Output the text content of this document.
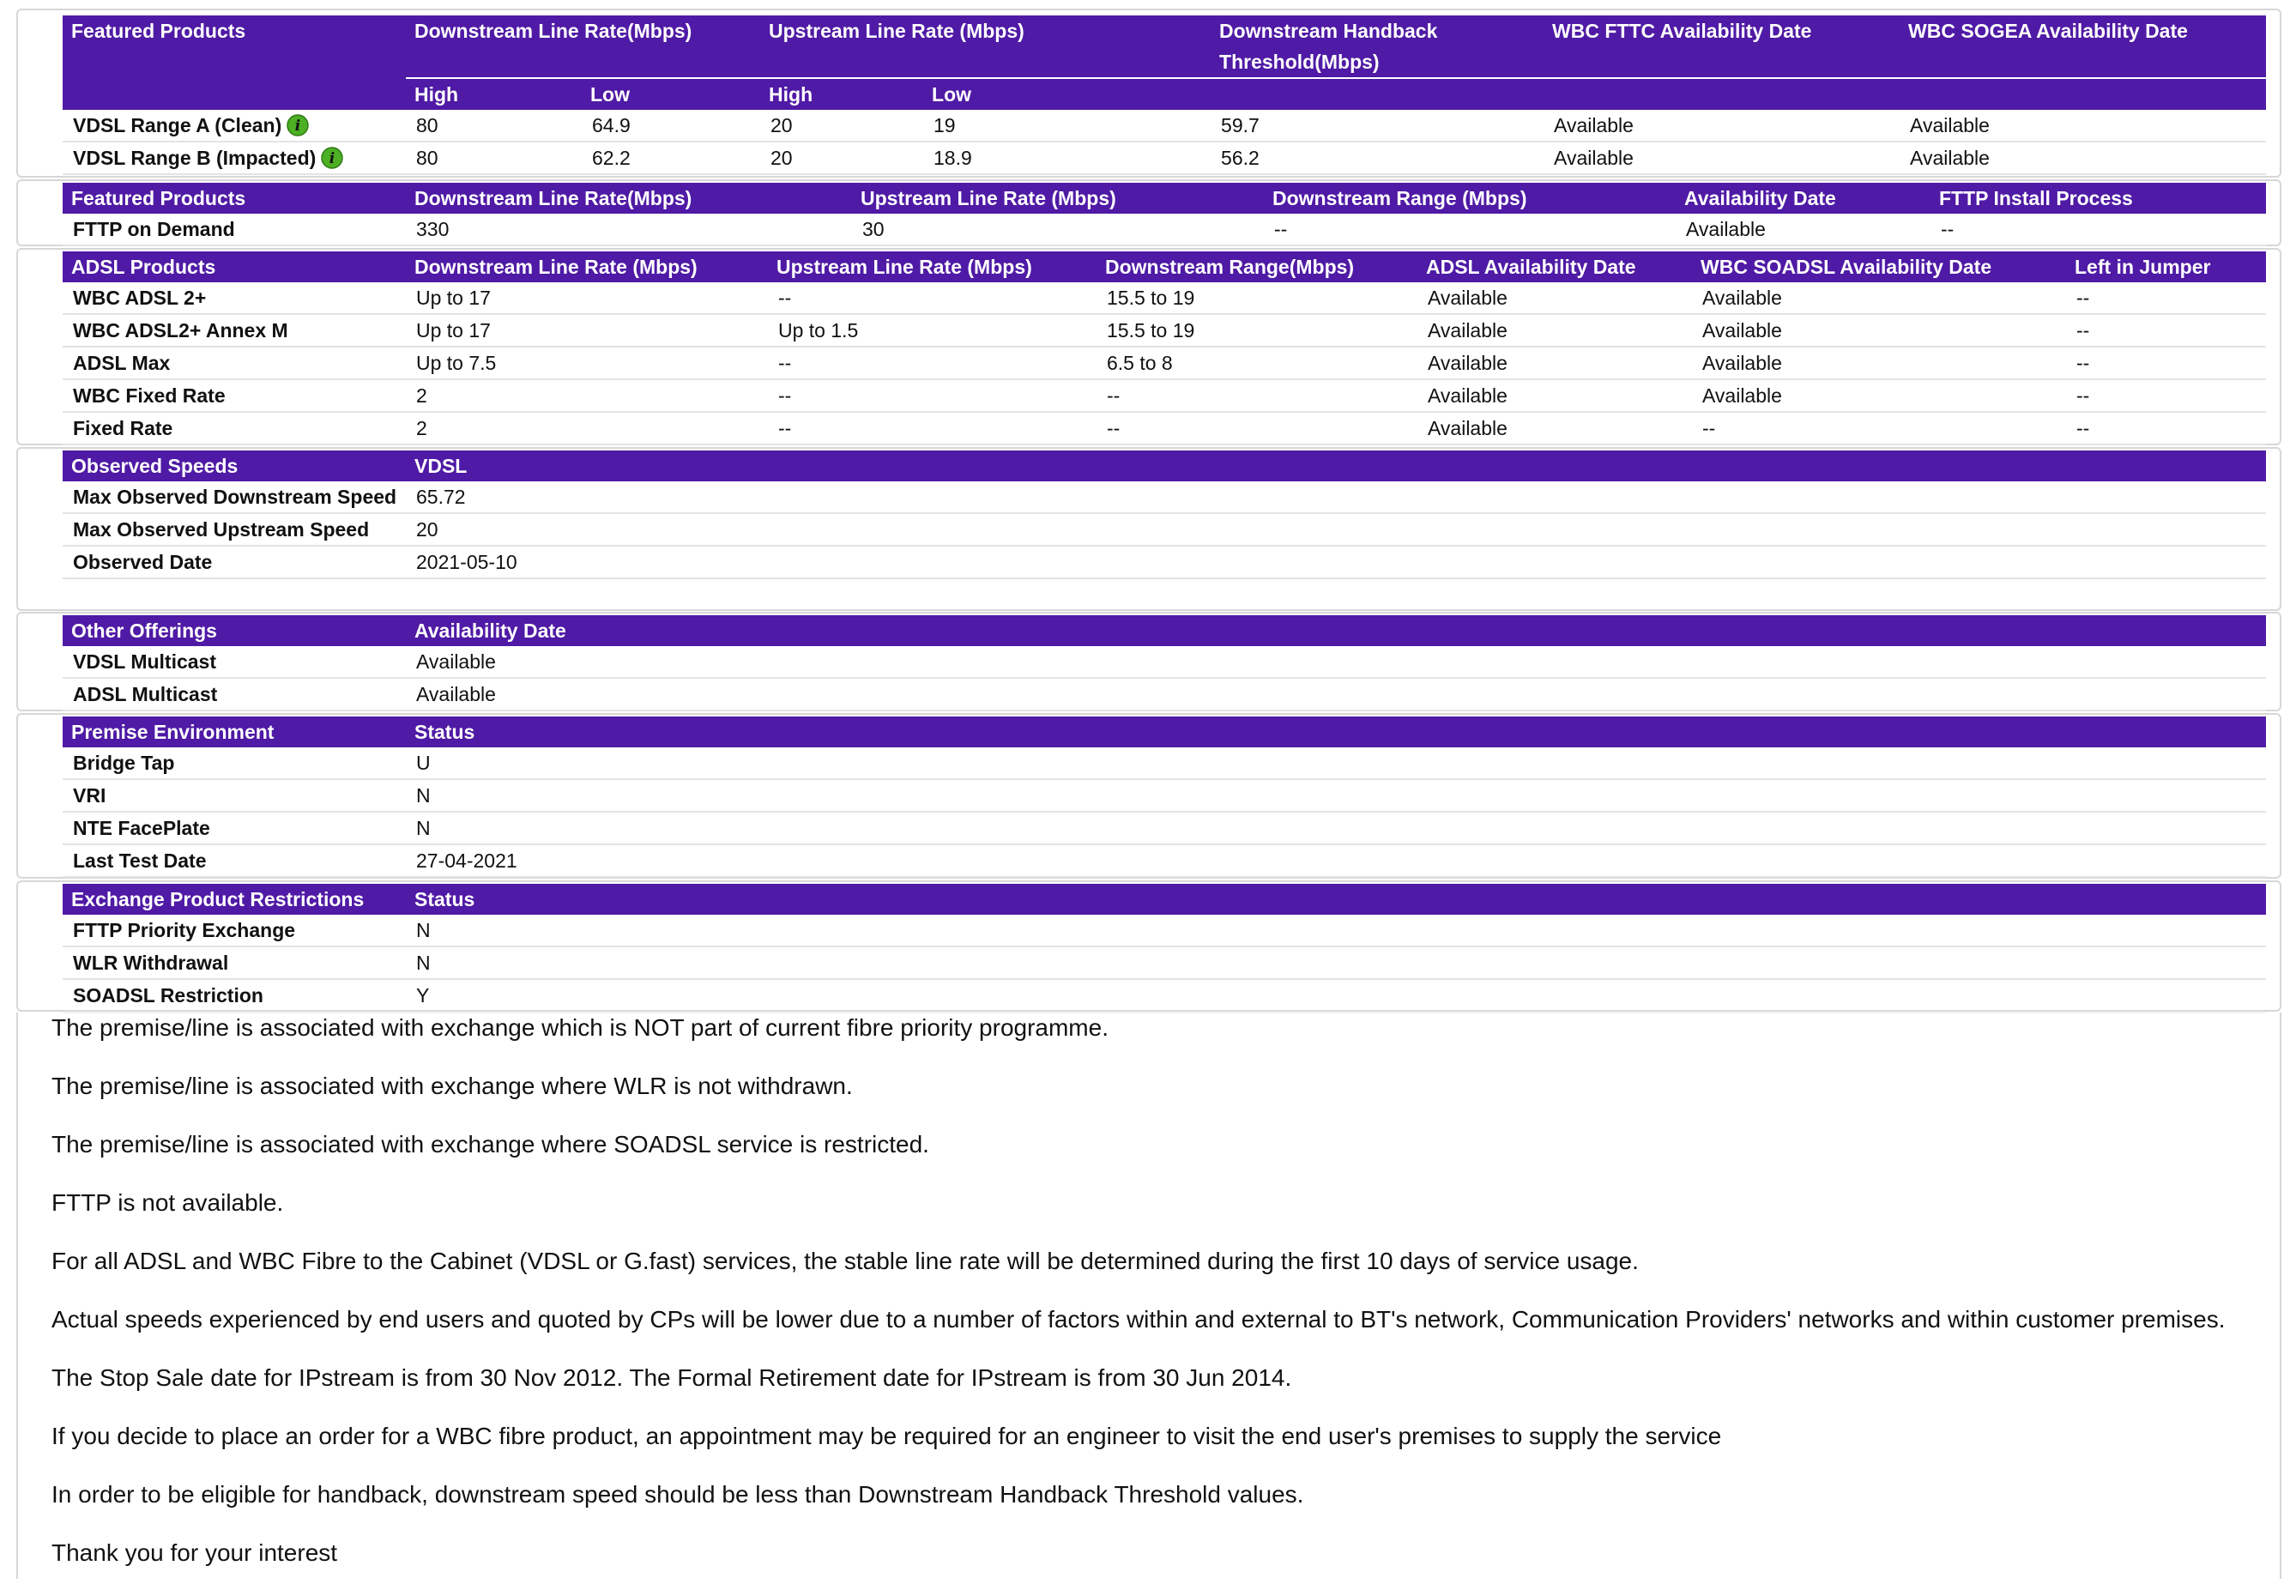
Featured Products	Downstream Line Rate(Mbps)		Upstream Line Rate (Mbps)		Downstream Handback Threshold(Mbps)	WBC FTTC Availability Date	WBC SOGEA Availability Date
	High	Low	High	Low			
VDSL Range A (Clean) i	80	64.9	20	19	59.7	Available	Available
VDSL Range B (Impacted) i	80	62.2	20	18.9	56.2	Available	Available
Featured Products	Downstream Line Rate(Mbps)	Upstream Line Rate (Mbps)	Downstream Range (Mbps)	Availability Date	FTTP Install Process
FTTP on Demand	330	30	--	Available	--
ADSL Products	Downstream Line Rate (Mbps)	Upstream Line Rate (Mbps)	Downstream Range(Mbps)	ADSL Availability Date	WBC SOADSL Availability Date	Left in Jumper
WBC ADSL 2+	Up to 17	--	15.5 to 19	Available	Available	--
WBC ADSL2+ Annex M	Up to 17	Up to 1.5	15.5 to 19	Available	Available	--
ADSL Max	Up to 7.5	--	6.5 to 8	Available	Available	--
WBC Fixed Rate	2	--	--	Available	Available	--
Fixed Rate	2	--	--	Available	--	--
Observed Speeds	VDSL
Max Observed Downstream Speed	65.72
Max Observed Upstream Speed	20
Observed Date	2021-05-10
Other Offerings	Availability Date
VDSL Multicast	Available
ADSL Multicast	Available
Premise Environment	Status
Bridge Tap	U
VRI	N
NTE FacePlate	N
Last Test Date	27-04-2021
Exchange Product Restrictions	Status
FTTP Priority Exchange	N
WLR Withdrawal	N
SOADSL Restriction	Y

The premise/line is associated with exchange which is NOT part of current fibre priority programme.

The premise/line is associated with exchange where WLR is not withdrawn.

The premise/line is associated with exchange where SOADSL service is restricted.

FTTP is not available.

For all ADSL and WBC Fibre to the Cabinet (VDSL or G.fast) services, the stable line rate will be determined during the first 10 days of service usage.

Actual speeds experienced by end users and quoted by CPs will be lower due to a number of factors within and external to BT's network, Communication Providers' networks and within customer premises.

The Stop Sale date for IPstream is from 30 Nov 2012. The Formal Retirement date for IPstream is from 30 Jun 2014.

If you decide to place an order for a WBC fibre product, an appointment may be required for an engineer to visit the end user's premises to supply the service

In order to be eligible for handback, downstream speed should be less than Downstream Handback Threshold values.

Thank you for your interest
